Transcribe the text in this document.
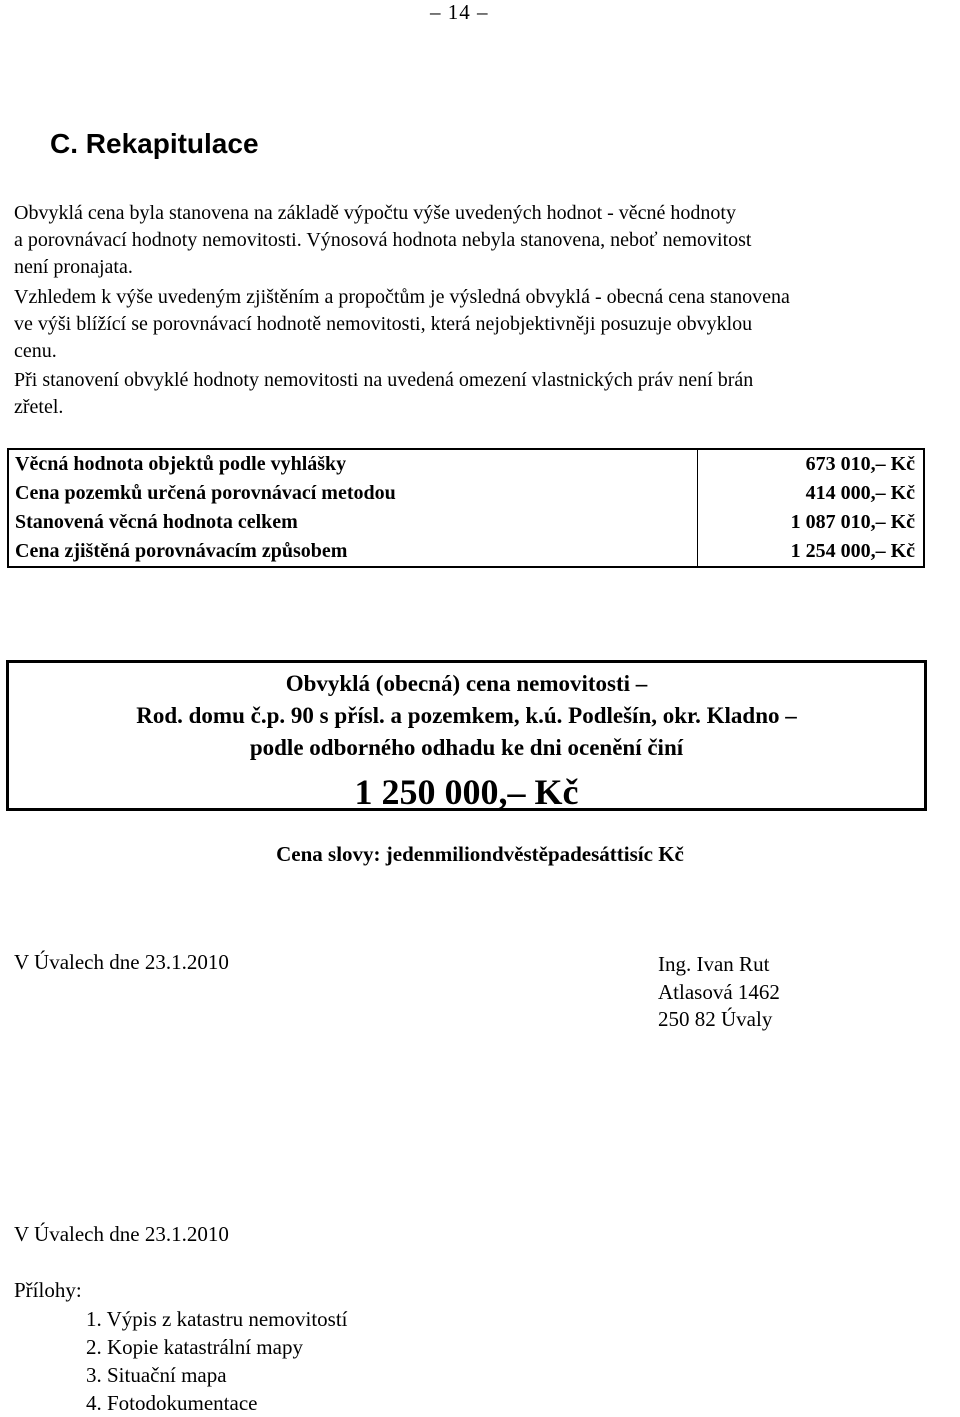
– 14 –
C. Rekapitulace
Obvyklá cena byla stanovena na základě výpočtu výše uvedených hodnot - věcné hodnoty
a porovnávací hodnoty nemovitosti. Výnosová hodnota nebyla stanovena, neboť nemovitost
není pronajata.
Vzhledem k výše uvedeným zjištěním a propočtům je výsledná obvyklá - obecná cena stanovena
ve výši blížící se porovnávací hodnotě nemovitosti, která nejobjektivněji posuzuje obvyklou
cenu.
Při stanovení obvyklé hodnoty nemovitosti na uvedená omezení vlastnických práv není brán
zřetel.
Věcná hodnota objektů podle vyhlášky	673 010,– Kč
Cena pozemků určená porovnávací metodou	414 000,– Kč
Stanovená věcná hodnota celkem	1 087 010,– Kč
Cena zjištěná porovnávacím způsobem	1 254 000,– Kč
Obvyklá (obecná) cena nemovitosti –
Rod. domu č.p. 90 s přísl. a pozemkem, k.ú. Podlešín, okr. Kladno –
podle odborného odhadu ke dni ocenění činí
1 250 000,– Kč
Cena slovy: jedenmiliondvěstěpadesáttisíc Kč
V Úvalech dne 23.1.2010	Ing. Ivan Rut
Atlasová 1462
250 82 Úvaly
V Úvalech dne 23.1.2010
Přílohy:
1. Výpis z katastru nemovitostí
2. Kopie katastrální mapy
3. Situační mapa
4. Fotodokumentace
